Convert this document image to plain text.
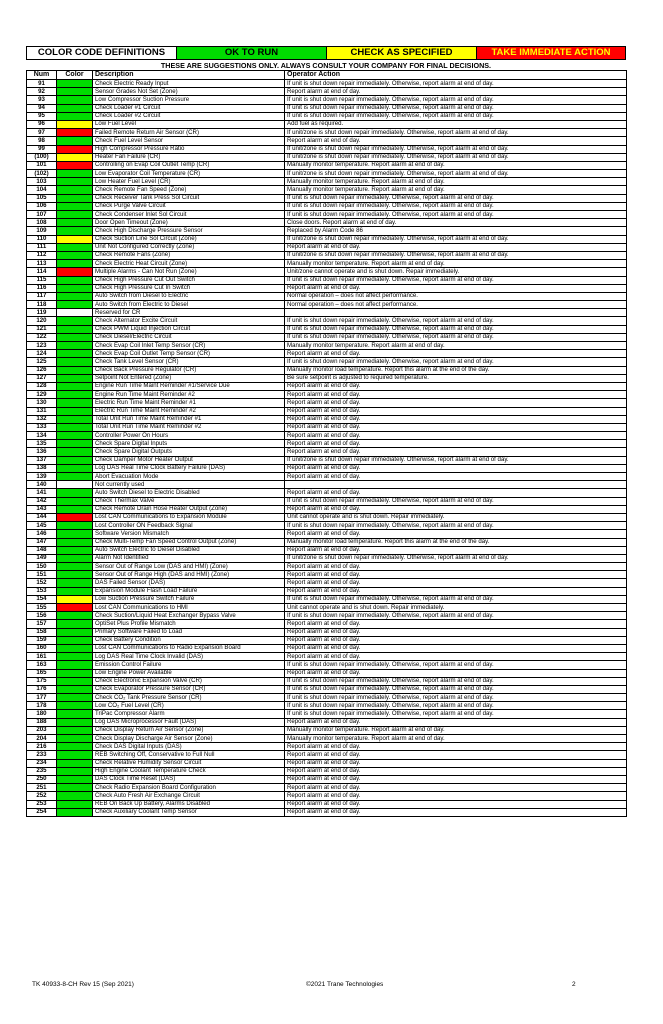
COLOR CODE DEFINITIONS	OK TO RUN	CHECK AS SPECIFIED	TAKE IMMEDIATE ACTION
THESE ARE SUGGESTIONS ONLY. ALWAYS CONSULT YOUR COMPANY FOR FINAL DECISIONS.
Num	Color	Description	Operator Action
91		Check Electric Ready Input	If unit is shut down repair immediately. Otherwise, report alarm at end of day.
92		Sensor Grades Not Set (Zone)	Report alarm at end of day.
93		Low Compressor Suction Pressure	If unit is shut down repair immediately. Otherwise, report alarm at end of day.
94		Check Loader #1 Circuit	If unit is shut down repair immediately. Otherwise, report alarm at end of day.
95		Check Loader #2 Circuit	If unit is shut down repair immediately. Otherwise, report alarm at end of day.
96		Low Fuel Level	Add fuel as required.
97		Failed Remote Return Air Sensor (CR)	If unit/zone is shut down repair immediately. Otherwise, report alarm at end of day.
98		Check Fuel Level Sensor	Report alarm at end of day.
99		High Compressor Pressure Ratio	If unit/zone is shut down repair immediately. Otherwise, report alarm at end of day.
(100)		Heater Fan Failure (CR)	If unit/zone is shut down repair immediately. Otherwise, report alarm at end of day.
101		Controlling on Evap Coil Outlet Temp (CR)	Manually monitor temperature. Report alarm at end of day.
(102)		Low Evaporator Coil Temperature (CR)	If unit/zone is shut down repair immediately. Otherwise, report alarm at end of day.
103		Low Heater Fuel Level (CR)	Manually monitor temperature. Report alarm at end of day.
104		Check Remote Fan Speed (Zone)	Manually monitor temperature. Report alarm at end of day.
105		Check Receiver Tank Press Sol Circuit	If unit is shut down repair immediately. Otherwise, report alarm at end of day.
106		Check Purge Valve Circuit	If unit is shut down repair immediately. Otherwise, report alarm at end of day.
107		Check Condenser Inlet Sol Circuit	If unit is shut down repair immediately. Otherwise, report alarm at end of day.
108		Door Open Timeout (Zone)	Close doors. Report alarm at end of day.
109		Check High Discharge Pressure Sensor	Replaced by Alarm Code 86
110		Check Suction Line Sol Circuit (Zone)	If unit/zone is shut down repair immediately. Otherwise, report alarm at end of day.
111		Unit Not Configured Correctly (Zone)	Report alarm at end of day.
112		Check Remote Fans (Zone)	If unit/zone is shut down repair immediately. Otherwise, report alarm at end of day.
113		Check Electric Heat Circuit (Zone)	Manually monitor temperature. Report alarm at end of day.
114		Multiple Alarms - Can Not Run (Zone)	Unit/zone cannot operate and is shut down. Repair immediately.
115		Check High Pressure Cut Out Switch	If unit is shut down repair immediately. Otherwise, report alarm at end of day.
116		Check High Pressure Cut In Switch	Report alarm at end of day.
117		Auto Switch from Diesel to Electric	Normal operation – does not affect performance.
118		Auto Switch from Electric to Diesel	Normal operation – does not affect performance.
119		Reserved for CR	
120		Check Alternator Excite Circuit	If unit is shut down repair immediately. Otherwise, report alarm at end of day.
121		Check PWM Liquid Injection Circuit	If unit is shut down repair immediately. Otherwise, report alarm at end of day.
122		Check Diesel/Electric Circuit	If unit is shut down repair immediately. Otherwise, report alarm at end of day.
123		Check Evap Coil Inlet Temp Sensor (CR)	Manually monitor temperature. Report alarm at end of day.
124		Check Evap Coil Outlet Temp Sensor (CR)	Report alarm at end of day.
125		Check Tank Level Sensor (CR)	If unit is shut down repair immediately. Otherwise, report alarm at end of day.
126		Check Back Pressure Regulator (CR)	Manually monitor load temperature. Report this alarm at the end of the day.
127		Setpoint Not Entered (Zone)	Be sure setpoint is adjusted to required temperature.
128		Engine Run Time Maint Reminder #1/Service Due	Report alarm at end of day.
129		Engine Run Time Maint Reminder #2	Report alarm at end of day.
130		Electric Run Time Maint Reminder #1	Report alarm at end of day.
131		Electric Run Time Maint Reminder #2	Report alarm at end of day.
132		Total Unit Run Time Maint Reminder #1	Report alarm at end of day.
133		Total Unit Run Time Maint Reminder #2	Report alarm at end of day.
134		Controller Power On Hours	Report alarm at end of day.
135		Check Spare Digital Inputs	Report alarm at end of day.
136		Check Spare Digital Outputs	Report alarm at end of day.
137		Check Damper Motor Heater Output	If unit/zone is shut down repair immediately. Otherwise, report alarm at end of day.
138		Log DAS Real Time Clock Battery Failure (DAS)	Report alarm at end of day.
139		Abort Evacuation Mode	Report alarm at end of day.
140		Not currently used	
141		Auto Switch Diesel to Electric Disabled	Report alarm at end of day.
142		Check Thermax Valve	If unit is shut down repair immediately. Otherwise, report alarm at end of day.
143		Check Remote Drain Hose Heater Output (Zone)	Report alarm at end of day.
144		Lost CAN Communications to Expansion Module	Unit cannot operate and is shut down. Repair immediately.
145		Lost Controller ON Feedback Signal	If unit is shut down repair immediately. Otherwise, report alarm at end of day.
146		Software Version Mismatch	Report alarm at end of day.
147		Check Multi-Temp Fan Speed Control Output (Zone)	Manually monitor load temperature. Report this alarm at the end of the day.
148		Auto Switch Electric to Diesel Disabled	Report alarm at end of day.
149		Alarm Not Identified	If unit/zone is shut down repair immediately. Otherwise, report alarm at end of day.
150		Sensor Out of Range Low (DAS and HMI) (Zone)	Report alarm at end of day.
151		Sensor Out of Range High (DAS and HMI) (Zone)	Report alarm at end of day.
152		DAS Failed Sensor (DAS)	Report alarm at end of day.
153		Expansion Module Flash Load Failure	Report alarm at end of day.
154		Low Suction Pressure Switch Failure	If unit is shut down repair immediately. Otherwise, report alarm at end of day.
155		Lost CAN Communications to HMI	Unit cannot operate and is shut down. Repair immediately.
156		Check Suction/Liquid Heat Exchanger Bypass Valve	If unit is shut down repair immediately. Otherwise, report alarm at end of day.
157		OptiSet Plus Profile Mismatch	Report alarm at end of day.
158		Primary Software Failed to Load	Report alarm at end of day.
159		Check Battery Condition	Report alarm at end of day.
160		Lost CAN Communications to Radio Expansion Board	Report alarm at end of day.
161		Log DAS Real Time Clock Invalid (DAS)	Report alarm at end of day.
163		Emission Control Failure	If unit is shut down repair immediately. Otherwise, report alarm at end of day.
165		Low Engine Power Available	Report alarm at end of day.
175		Check Electronic Expansion Valve (CR)	If unit is shut down repair immediately. Otherwise, report alarm at end of day.
176		Check Evaporator Pressure Sensor (CR)	If unit is shut down repair immediately. Otherwise, report alarm at end of day.
177		Check CO₂ Tank Pressure Sensor (CR)	If unit is shut down repair immediately. Otherwise, report alarm at end of day.
178		Low CO₂ Fuel Level (CR)	If unit is shut down repair immediately. Otherwise, report alarm at end of day.
180		TriPac Compressor Alarm	If unit is shut down repair immediately. Otherwise, report alarm at end of day.
188		Log DAS Microprocessor Fault (DAS)	Report alarm at end of day.
203		Check Display Return Air Sensor (Zone)	Manually monitor temperature. Report alarm at end of day.
204		Check Display Discharge Air Sensor (Zone)	Manually monitor temperature. Report alarm at end of day.
216		Check DAS Digital Inputs (DAS)	Report alarm at end of day.
233		REB Switching Off, Conservative to Full Null	Report alarm at end of day.
234		Check Relative Humidity Sensor Circuit	Report alarm at end of day.
235		High Engine Coolant Temperature Check	Report alarm at end of day.
250		DAS Clock Time Reset (DAS)	Report alarm at end of day.
251		Check Radio Expansion Board Configuration	Report alarm at end of day.
252		Check Auto Fresh Air Exchange Circuit	Report alarm at end of day.
253		REB On Back Up Battery, Alarms Disabled	Report alarm at end of day.
254		Check Auxiliary Coolant Temp Sensor	Report alarm at end of day.
TK 40933-8-CH Rev 15 (Sep 2021)	©2021 Trane Technologies	2
